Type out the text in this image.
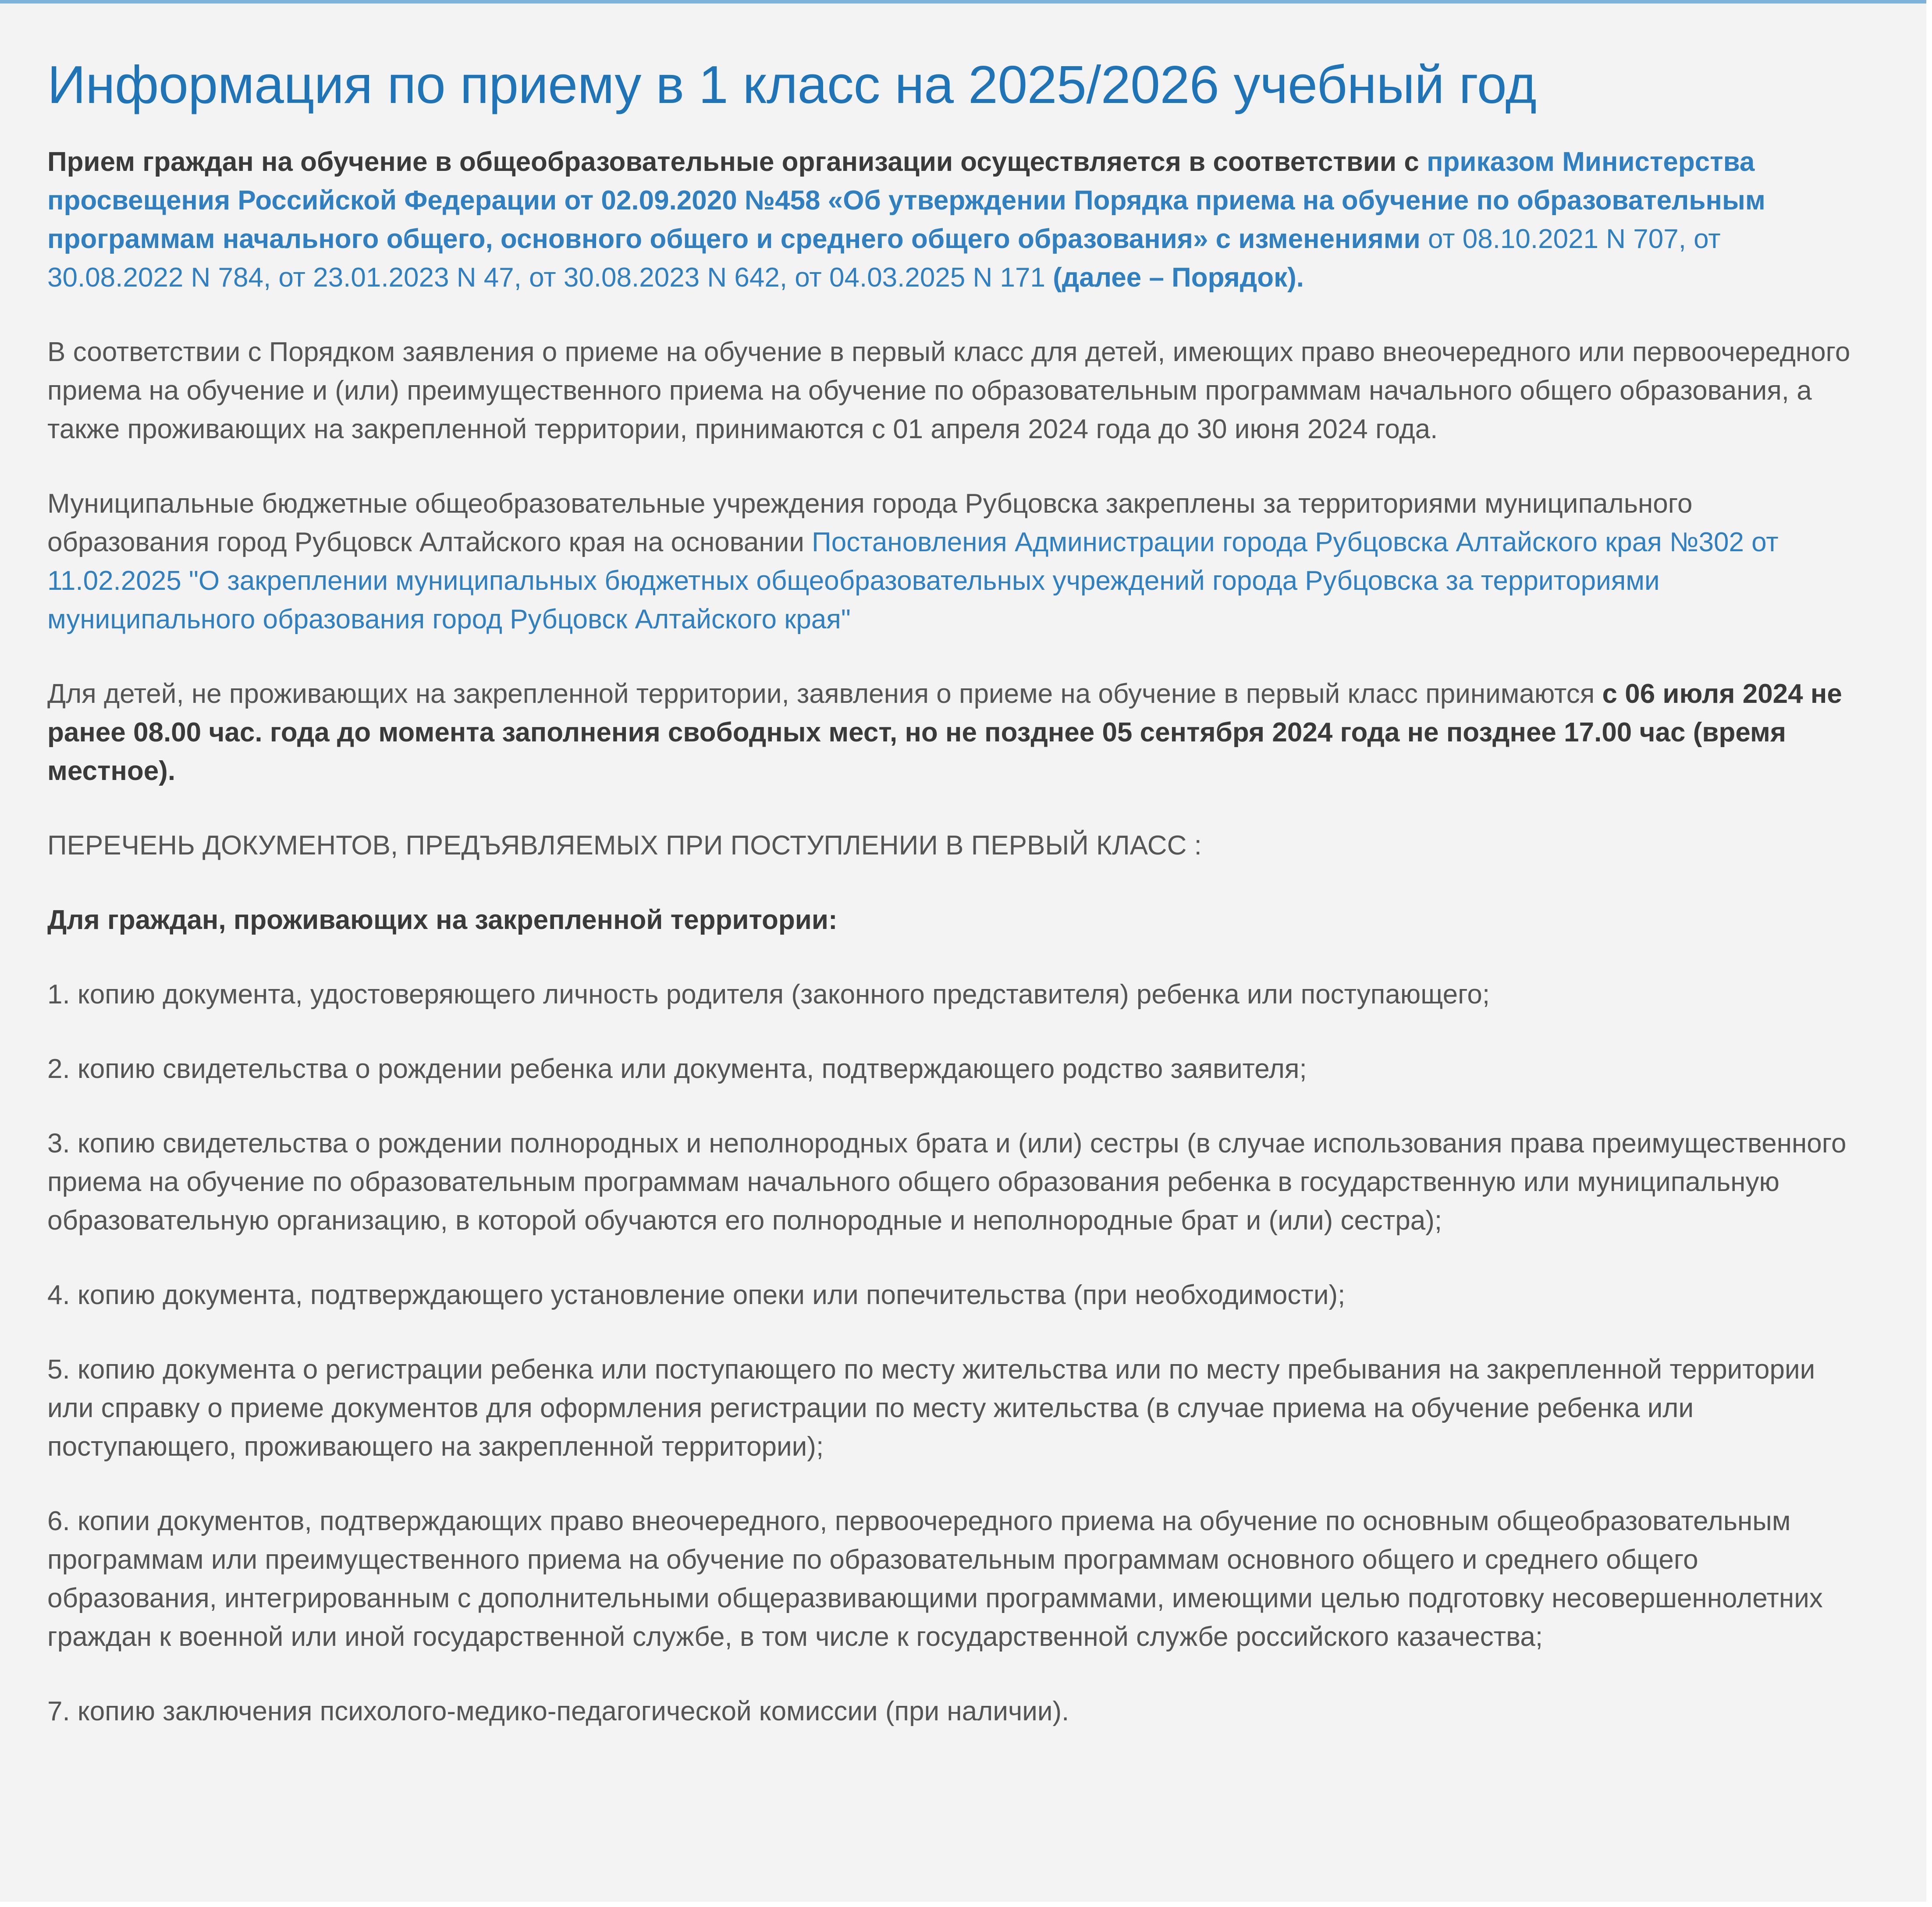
Информация по приему в 1 класс на 2025/2026 учебный год

Прием граждан на обучение в общеобразовательные организации осуществляется в соответствии с приказом Министерства просвещения Российской Федерации от 02.09.2020 №458 «Об утверждении Порядка приема на обучение по образовательным программам начального общего, основного общего и среднего общего образования» с изменениями от 08.10.2021 N 707, от 30.08.2022 N 784, от 23.01.2023 N 47, от 30.08.2023 N 642, от 04.03.2025 N 171 (далее – Порядок).

В соответствии с Порядком заявления о приеме на обучение в первый класс для детей, имеющих право внеочередного или первоочередного приема на обучение и (или) преимущественного приема на обучение по образовательным программам начального общего образования, а также проживающих на закрепленной территории, принимаются с 01 апреля 2024 года до 30 июня 2024 года.

Муниципальные бюджетные общеобразовательные учреждения города Рубцовска закреплены за территориями муниципального образования город Рубцовск Алтайского края на основании Постановления Администрации города Рубцовска Алтайского края №302 от 11.02.2025 "О закреплении муниципальных бюджетных общеобразовательных учреждений города Рубцовска за территориями муниципального образования город Рубцовск Алтайского края"

Для детей, не проживающих на закрепленной территории, заявления о приеме на обучение в первый класс принимаются с 06 июля 2024 не ранее 08.00 час. года до момента заполнения свободных мест, но не позднее 05 сентября 2024 года не позднее 17.00 час (время местное).

ПЕРЕЧЕНЬ ДОКУМЕНТОВ, ПРЕДЪЯВЛЯЕМЫХ ПРИ ПОСТУПЛЕНИИ В ПЕРВЫЙ КЛАСС :

Для граждан, проживающих на закрепленной территории:

1. копию документа, удостоверяющего личность родителя (законного представителя) ребенка или поступающего;

2. копию свидетельства о рождении ребенка или документа, подтверждающего родство заявителя;

3. копию свидетельства о рождении полнородных и неполнородных брата и (или) сестры (в случае использования права преимущественного приема на обучение по образовательным программам начального общего образования ребенка в государственную или муниципальную образовательную организацию, в которой обучаются его полнородные и неполнородные брат и (или) сестра);

4. копию документа, подтверждающего установление опеки или попечительства (при необходимости);

5. копию документа о регистрации ребенка или поступающего по месту жительства или по месту пребывания на закрепленной территории или справку о приеме документов для оформления регистрации по месту жительства (в случае приема на обучение ребенка или поступающего, проживающего на закрепленной территории);

6. копии документов, подтверждающих право внеочередного, первоочередного приема на обучение по основным общеобразовательным программам или преимущественного приема на обучение по образовательным программам основного общего и среднего общего образования, интегрированным с дополнительными общеразвивающими программами, имеющими целью подготовку несовершеннолетних граждан к военной или иной государственной службе, в том числе к государственной службе российского казачества;

7. копию заключения психолого-медико-педагогической комиссии (при наличии).
